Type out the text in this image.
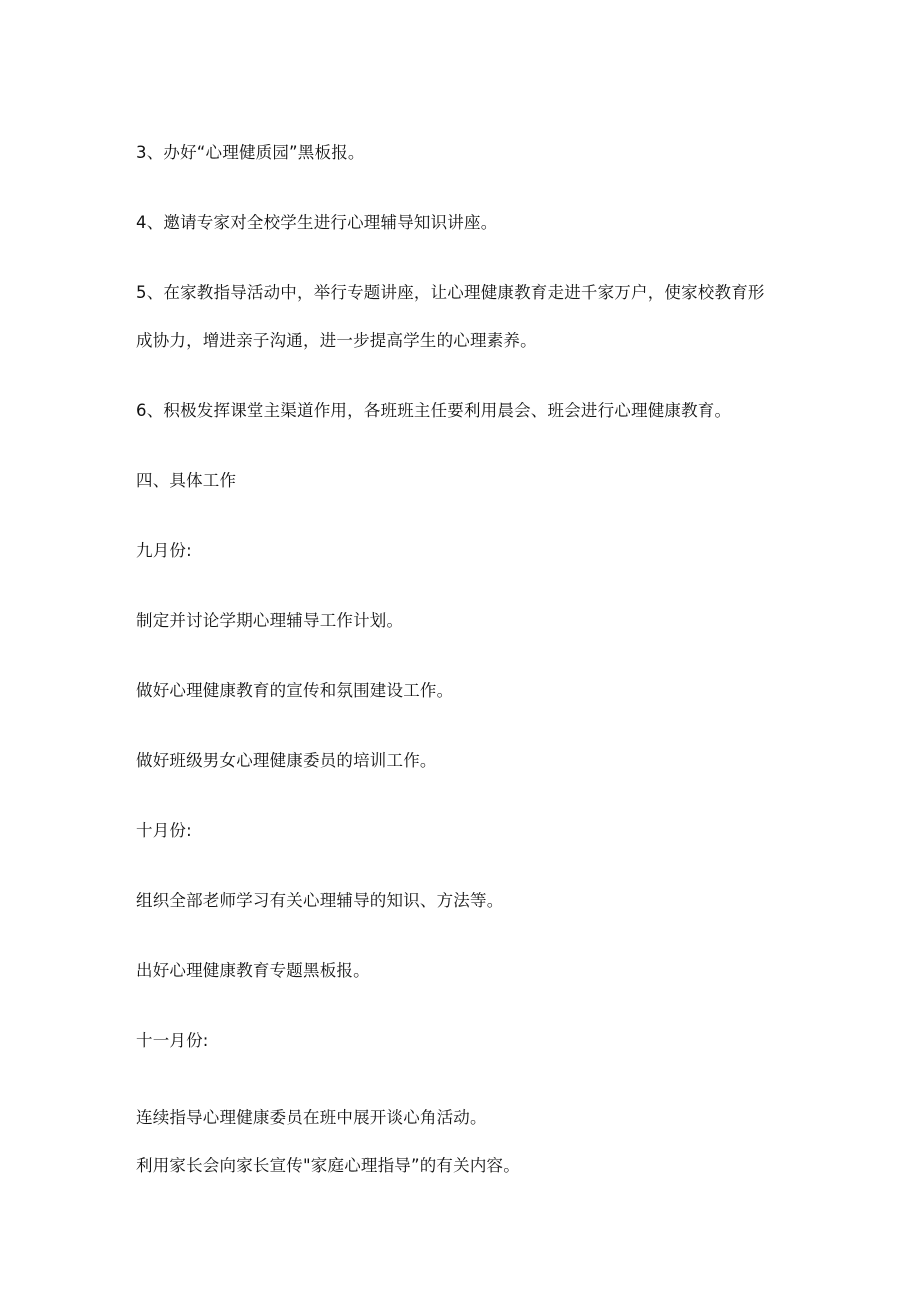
3、办好“心理健质园”黑板报。
4、邀请专家对全校学生进行心理辅导知识讲座。
5、在家教指导活动中，举行专题讲座，让心理健康教育走进千家万户，使家校教育形
成协力，增进亲子沟通，进一步提高学生的心理素养。
6、积极发挥课堂主渠道作用，各班班主任要利用晨会、班会进行心理健康教育。
四、具体工作
九月份:
制定并讨论学期心理辅导工作计划。
做好心理健康教育的宣传和氛围建设工作。
做好班级男女心理健康委员的培训工作。
十月份:
组织全部老师学习有关心理辅导的知识、方法等。
出好心理健康教育专题黑板报。
十一月份:
连续指导心理健康委员在班中展开谈心角活动。
利用家长会向家长宣传"家庭心理指导”的有关内容。
